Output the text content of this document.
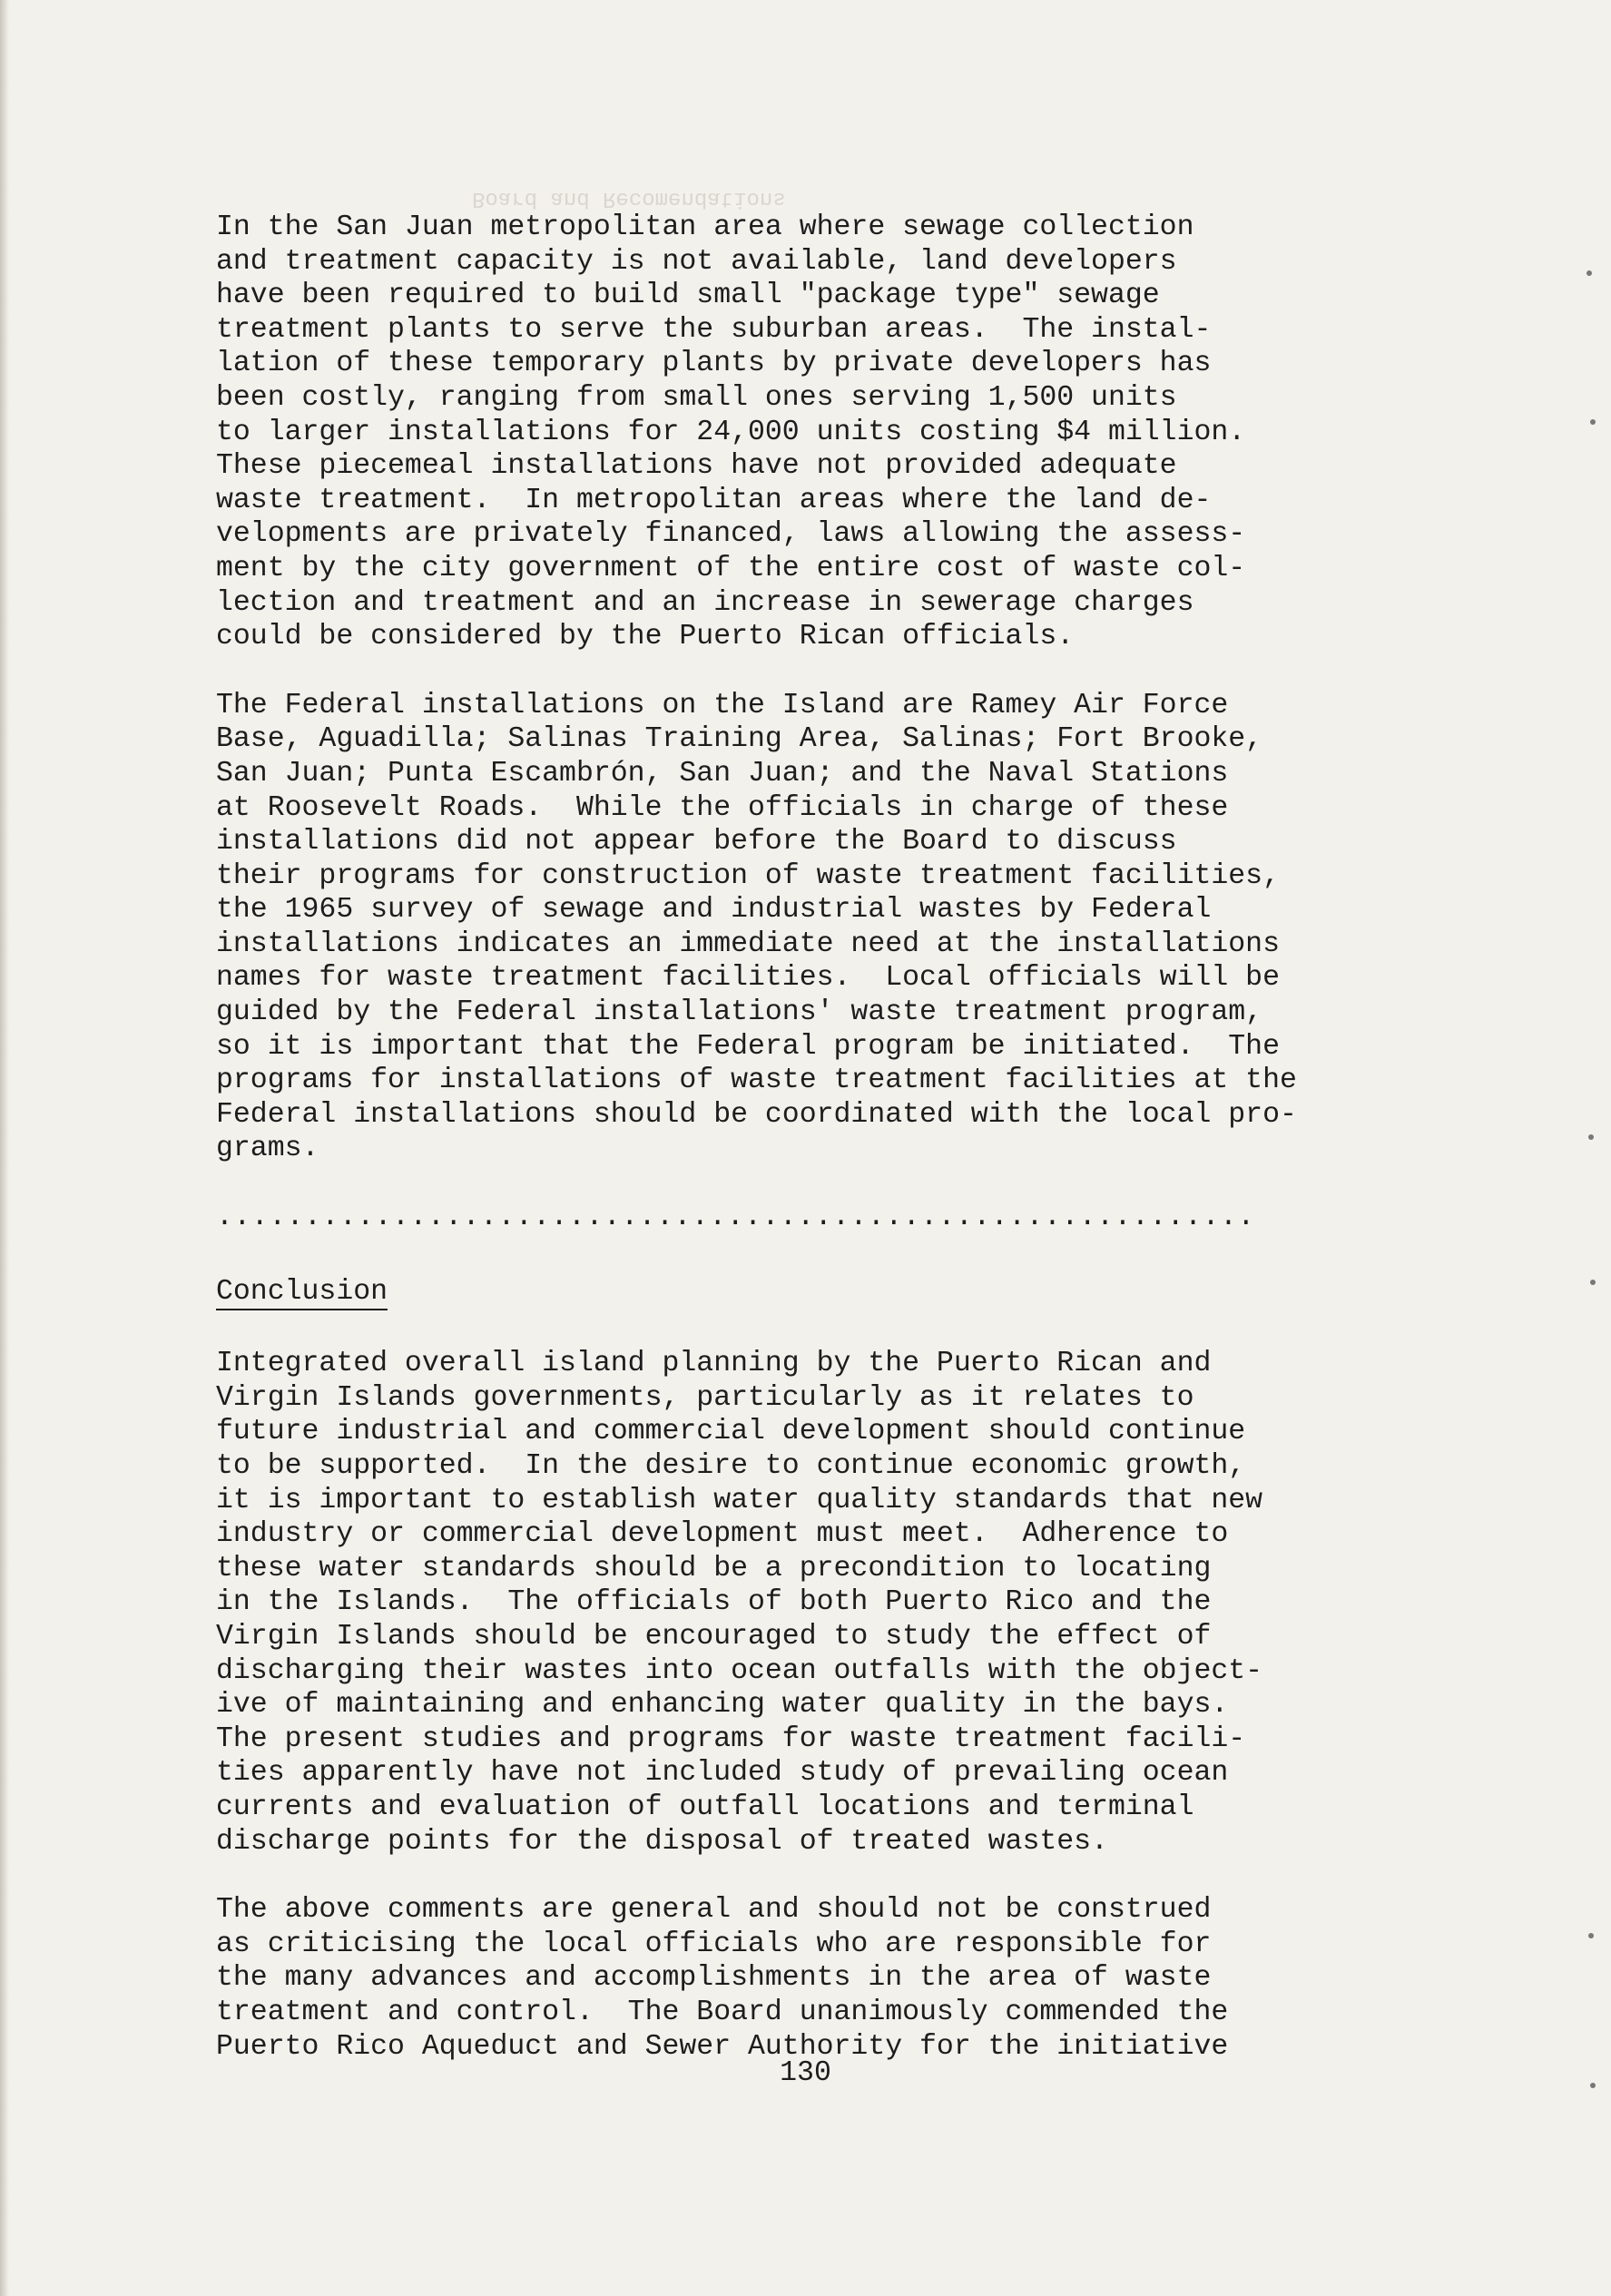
Board and Recomendations
In the San Juan metropolitan area where sewage collection
and treatment capacity is not available, land developers
have been required to build small "package type" sewage
treatment plants to serve the suburban areas.  The instal-
lation of these temporary plants by private developers has
been costly, ranging from small ones serving 1,500 units
to larger installations for 24,000 units costing $4 million.
These piecemeal installations have not provided adequate
waste treatment.  In metropolitan areas where the land de-
velopments are privately financed, laws allowing the assess-
ment by the city government of the entire cost of waste col-
lection and treatment and an increase in sewerage charges
could be considered by the Puerto Rican officials.
The Federal installations on the Island are Ramey Air Force
Base, Aguadilla; Salinas Training Area, Salinas; Fort Brooke,
San Juan; Punta Escambrón, San Juan; and the Naval Stations
at Roosevelt Roads.  While the officials in charge of these
installations did not appear before the Board to discuss
their programs for construction of waste treatment facilities,
the 1965 survey of sewage and industrial wastes by Federal
installations indicates an immediate need at the installations
names for waste treatment facilities.  Local officials will be
guided by the Federal installations' waste treatment program,
so it is important that the Federal program be initiated.  The
programs for installations of waste treatment facilities at the
Federal installations should be coordinated with the local pro-
grams.
...........................................................
Conclusion
Integrated overall island planning by the Puerto Rican and
Virgin Islands governments, particularly as it relates to
future industrial and commercial development should continue
to be supported.  In the desire to continue economic growth,
it is important to establish water quality standards that new
industry or commercial development must meet.  Adherence to
these water standards should be a precondition to locating
in the Islands.  The officials of both Puerto Rico and the
Virgin Islands should be encouraged to study the effect of
discharging their wastes into ocean outfalls with the object-
ive of maintaining and enhancing water quality in the bays.
The present studies and programs for waste treatment facili-
ties apparently have not included study of prevailing ocean
currents and evaluation of outfall locations and terminal
discharge points for the disposal of treated wastes.
The above comments are general and should not be construed
as criticising the local officials who are responsible for
the many advances and accomplishments in the area of waste
treatment and control.  The Board unanimously commended the
Puerto Rico Aqueduct and Sewer Authority for the initiative
130
